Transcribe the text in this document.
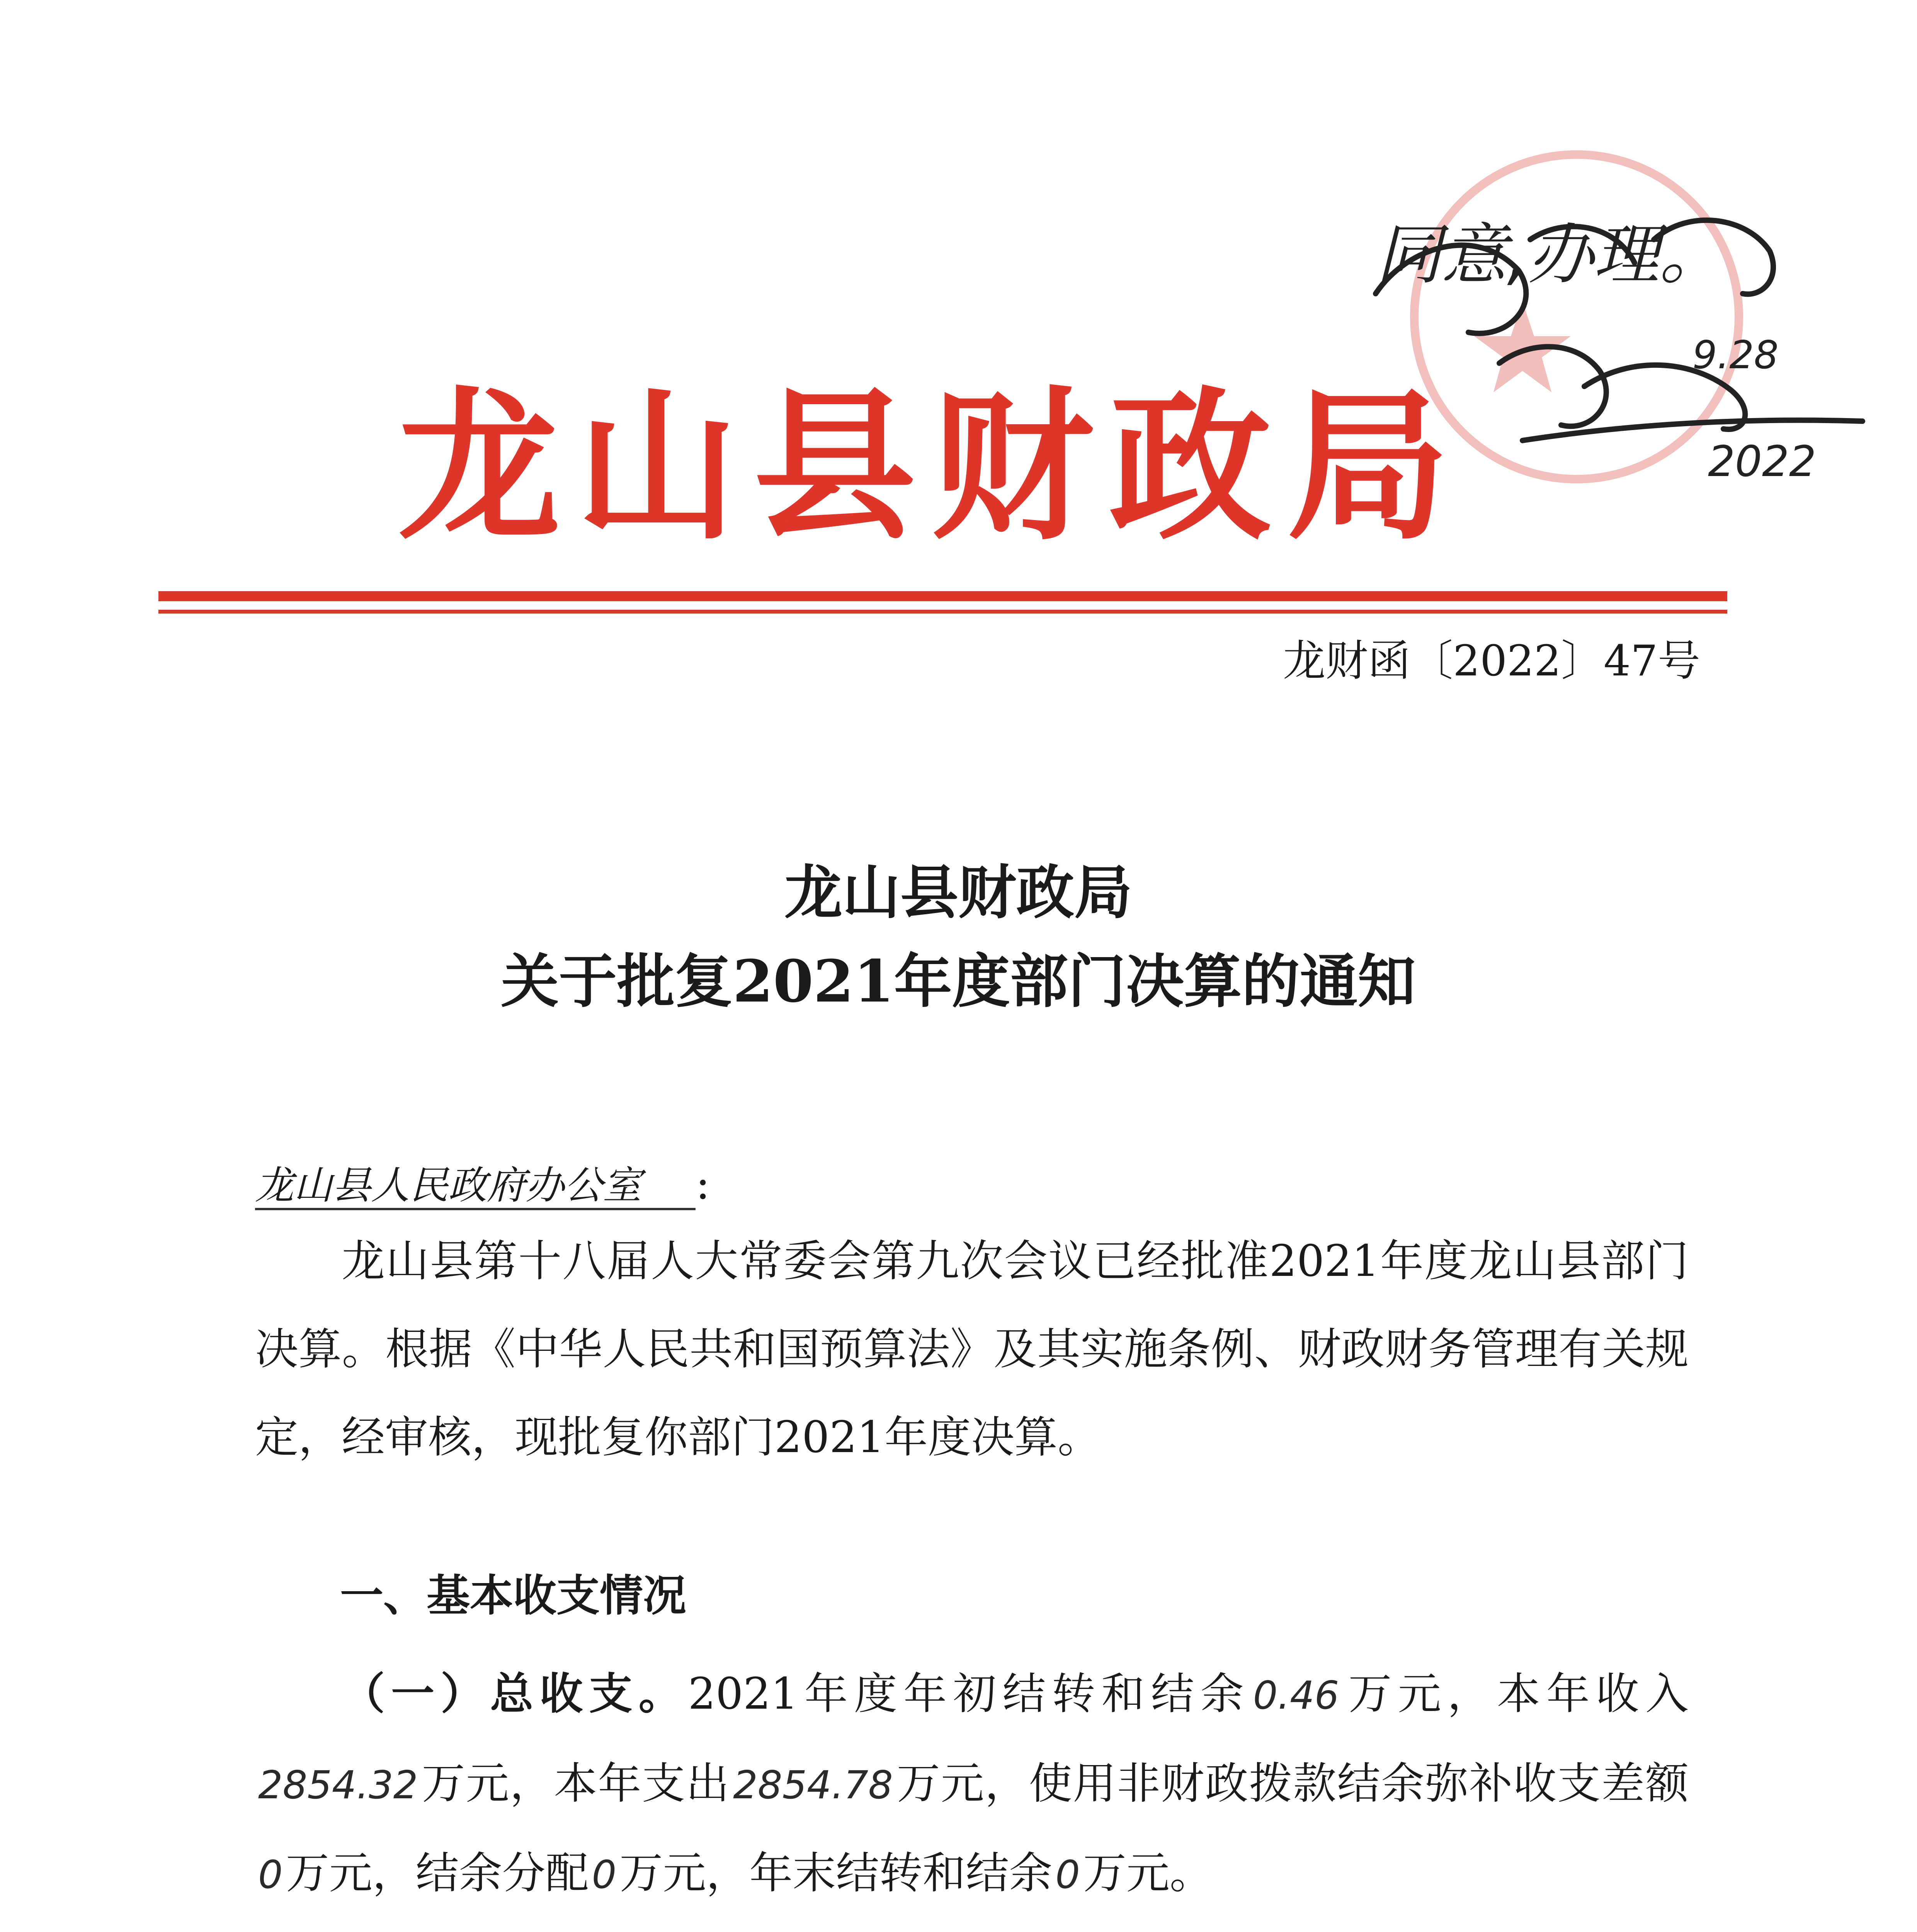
同意,办理。
9.28
2022
龙山县财政局
龙财函〔2022〕47号
龙山县财政局
关于批复2021年度部门决算的通知
龙山县人民政府办公室 :
龙山县第十八届人大常委会第九次会议已经批准2021年度龙山县部门决算。根据《中华人民共和国预算法》及其实施条例、财政财务管理有关规定，经审核，现批复你部门2021年度决算。
一、基本收支情况
（一）总收支。2021年度年初结转和结余0.46万元，本年收入2854.32万元，本年支出2854.78万元，使用非财政拨款结余弥补收支差额0万元，结余分配0万元，年末结转和结余0万元。
